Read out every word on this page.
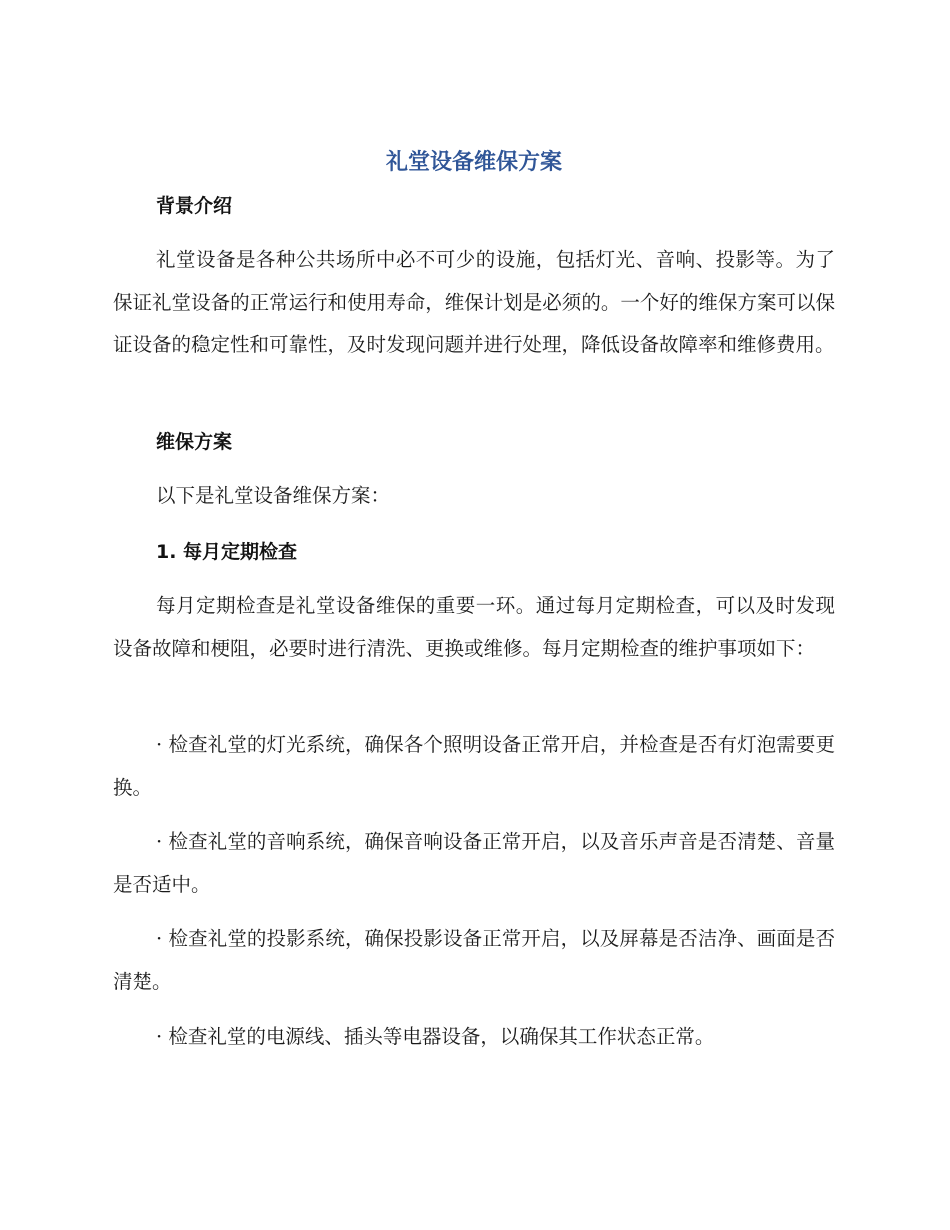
礼堂设备维保方案
背景介绍

礼堂设备是各种公共场所中必不可少的设施，包括灯光、音响、投影等。为了保证礼堂设备的正常运行和使用寿命，维保计划是必须的。一个好的维保方案可以保证设备的稳定性和可靠性，及时发现问题并进行处理，降低设备故障率和维修费用。

维保方案

以下是礼堂设备维保方案：

1. 每月定期检查

每月定期检查是礼堂设备维保的重要一环。通过每月定期检查，可以及时发现设备故障和梗阻，必要时进行清洗、更换或维修。每月定期检查的维护事项如下：

· 检查礼堂的灯光系统，确保各个照明设备正常开启，并检查是否有灯泡需要更换。

· 检查礼堂的音响系统，确保音响设备正常开启，以及音乐声音是否清楚、音量是否适中。

· 检查礼堂的投影系统，确保投影设备正常开启，以及屏幕是否洁净、画面是否清楚。

· 检查礼堂的电源线、插头等电器设备，以确保其工作状态正常。
